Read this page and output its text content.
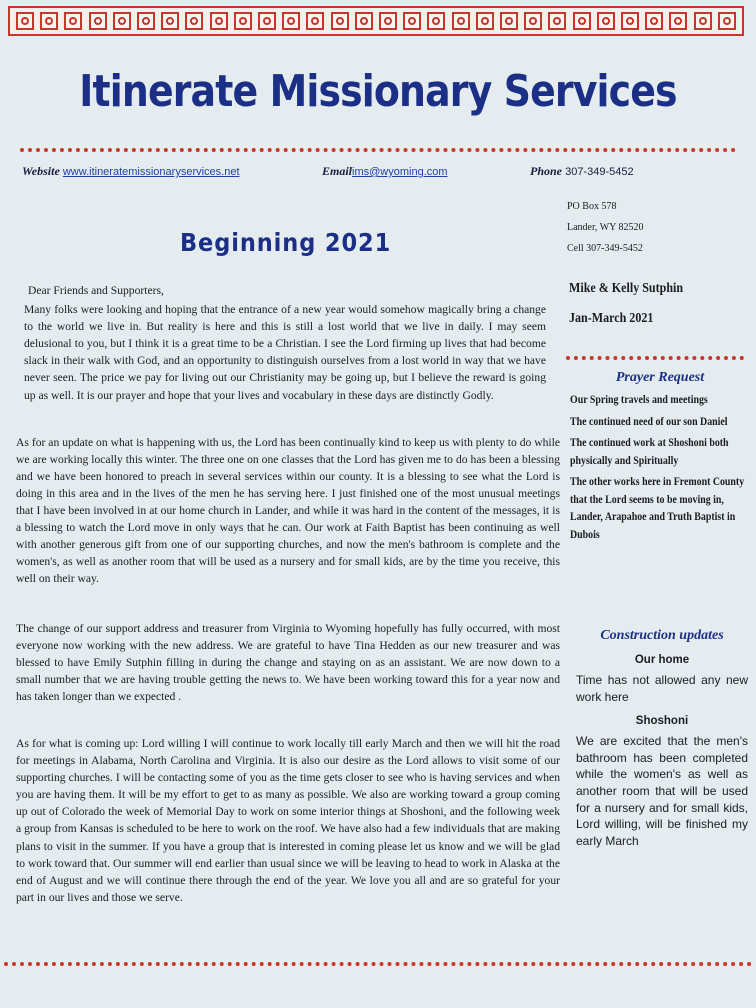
Itinerate Missionary Services
Website www.itineratemissionaryservices.net	Emailims@wyoming.com	Phone 307-349-5452
PO Box 578
Lander, WY 82520
Cell 307-349-5452
Beginning 2021
Mike & Kelly Sutphin
Jan-March 2021

Dear Friends and Supporters,

Many folks were looking and hoping that the entrance of a new year would somehow magically bring a change to the world we live in. But reality is here and this is still a lost world that we live in daily. I may seem delusional to you, but I think it is a great time to be a Christian. I see the Lord firming up lives that had become slack in their walk with God, and an opportunity to distinguish ourselves from a lost world in way that we have never seen. The price we pay for living out our Christianity may be going up, but I believe the reward is going up as well. It is our prayer and hope that your lives and vocabulary in these days are distinctly Godly.

As for an update on what is happening with us, the Lord has been continually kind to keep us with plenty to do while we are working locally this winter. The three one on one classes that the Lord has given me to do has been a blessing and we have been honored to preach in several services within our county. It is a blessing to see what the Lord is doing in this area and in the lives of the men he has serving here. I just finished one of the most unusual meetings that I have been involved in at our home church in Lander, and while it was hard in the content of the messages, it is a blessing to watch the Lord move in only ways that he can. Our work at Faith Baptist has been continuing as well with another generous gift from one of our supporting churches, and now the men's bathroom is complete and the women's, as well as another room that will be used as a nursery and for small kids, are by the time you receive, this well on their way.

The change of our support address and treasurer from Virginia to Wyoming hopefully has fully occurred, with most everyone now working with the new address. We are grateful to have Tina Hedden as our new treasurer and was blessed to have Emily Sutphin filling in during the change and staying on as an assistant. We are now down to a small number that we are having trouble getting the news to. We have been working toward this for a year now and has taken longer than we expected .

As for what is coming up: Lord willing I will continue to work locally till early March and then we will hit the road for meetings in Alabama, North Carolina and Virginia. It is also our desire as the Lord allows to visit some of our supporting churches. I will be contacting some of you as the time gets closer to see who is having services and when you are having them. It will be my effort to get to as many as possible. We also are working toward a group coming up out of Colorado the week of Memorial Day to work on some interior things at Shoshoni, and the following week a group from Kansas is scheduled to be here to work on the roof. We have also had a few individuals that are making plans to visit in the summer. If you have a group that is interested in coming please let us know and we will be glad to work toward that. Our summer will end earlier than usual since we will be leaving to head to work in Alaska at the end of August and we will continue there through the end of the year. We love you all and are so grateful for your part in our lives and those we serve.

Prayer Request
Our Spring travels and meetings
The continued need of our son Daniel
The continued work at Shoshoni both physically and Spiritually
The other works here in Fremont County that the Lord seems to be moving in, Lander, Arapahoe and Truth Baptist in Dubois
Construction updates
Our home
Time has not allowed any new work here
Shoshoni
We are excited that the men's bathroom has been completed while the women's as well as another room that will be used for a nursery and for small kids, Lord willing, will be finished my early March
